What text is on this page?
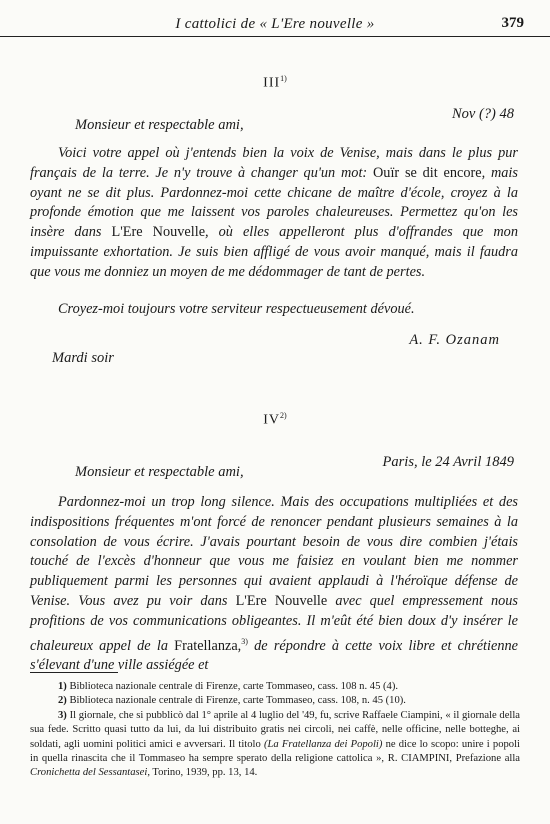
I cattolici de « L'Ere nouvelle »	379
III$^{1)}$
Nov (?) 48
Monsieur et respectable ami,

Voici votre appel où j'entends bien la voix de Venise, mais dans le plus pur français de la terre. Je n'y trouve à changer qu'un mot: Ouïr se dit encore, mais oyant ne se dit plus. Pardonnez-moi cette chicane de maître d'école, croyez à la profonde émotion que me laissent vos paroles chaleureuses. Permettez qu'on les insère dans L'Ere Nouvelle, où elles appelleront plus d'offrandes que mon impuissante exhortation. Je suis bien affligé de vous avoir manqué, mais il faudra que vous me donniez un moyen de me dédommager de tant de pertes.

Croyez-moi toujours votre serviteur respectueusement dévoué.

A. F. Ozanam
Mardi soir
IV$^{2)}$
Paris, le 24 Avril 1849
Monsieur et respectable ami,

Pardonnez-moi un trop long silence. Mais des occupations multipliées et des indispositions fréquentes m'ont forcé de renoncer pendant plusieurs semaines à la consolation de vous écrire. J'avais pourtant besoin de vous dire combien j'étais touché de l'excès d'honneur que vous me faisiez en voulant bien me nommer publiquement parmi les personnes qui avaient applaudi à l'héroïque défense de Venise. Vous avez pu voir dans L'Ere Nouvelle avec quel empressement nous profitions de vos communications obligeantes. Il m'eût été bien doux d'y insérer le chaleureux appel de la Fratellanza,$^{3)}$ de répondre à cette voix libre et chrétienne s'élevant d'une ville assiégée et

1) Biblioteca nazionale centrale di Firenze, carte Tommaseo, cass. 108 n. 45 (4).

2) Biblioteca nazionale centrale di Firenze, carte Tommaseo, cass. 108, n. 45 (10).

3) Il giornale, che si pubblicò dal 1° aprile al 4 luglio del '49, fu, scrive Raffaele Ciampini, « il giornale della sua fede. Scritto quasi tutto da lui, da lui distribuito gratis nei circoli, nei caffè, nelle officine, nelle botteghe, ai soldati, agli uomini politici amici e avversari. Il titolo (La Fratellanza dei Popoli) ne dice lo scopo: unire i popoli in quella rinascita che il Tommaseo ha sempre sperato della religione cattolica », R. CIAMPINI, Prefazione alla Cronichetta del Sessantasei, Torino, 1939, pp. 13, 14.
